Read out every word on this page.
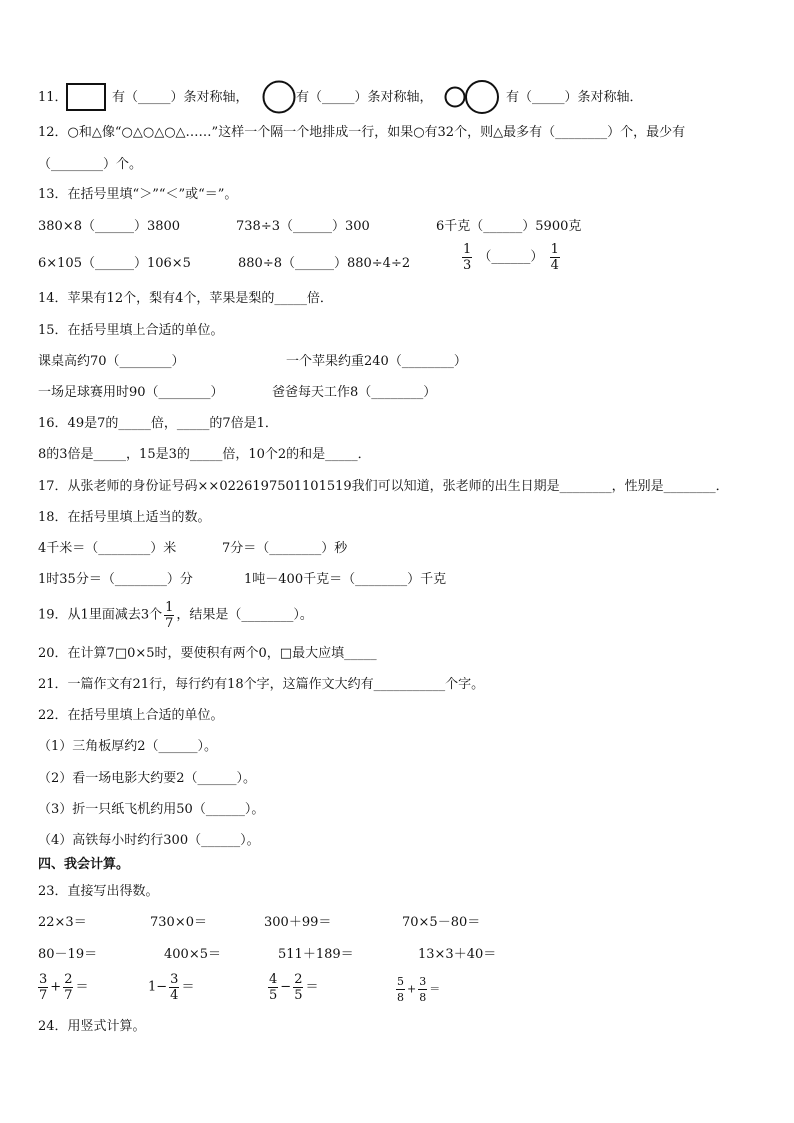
11．	有（_____）条对称轴，	有（_____）条对称轴，	有（_____）条对称轴．
12．○和△像“○△○△○△……”这样一个隔一个地排成一行，如果○有32个，则△最多有（________）个，最少有
（________）个。
13．在括号里填“＞”“＜”或“＝”。
380×8（______）3800	738÷3（______）300	6千克（______）5900克
6×105（______）106×5	880÷8（______）880÷4÷2	$\frac{1}{3}$ （______） $\frac{1}{4}$
14．苹果有12个，梨有4个，苹果是梨的_____倍．
15．在括号里填上合适的单位。
课桌高约70（________）	一个苹果约重240（________）
一场足球赛用时90（________）	爸爸每天工作8（________）
16．49是7的_____倍，_____的7倍是1．
8的3倍是_____，15是3的_____倍，10个2的和是_____．
17．从张老师的身份证号码××0226197501101519我们可以知道，张老师的出生日期是________，性别是________．
18．在括号里填上适当的数。
4千米＝（________）米	7分＝（________）秒
1时35分＝（________）分	1吨－400千克＝（________）千克
19．从1里面减去3个 $\frac{1}{7}$ ，结果是（________）。
20．在计算7□0×5时，要使积有两个0，□最大应填_____
21．一篇作文有21行，每行约有18个字，这篇作文大约有___________个字。
22．在括号里填上合适的单位。
（1）三角板厚约2（______）。
（2）看一场电影大约要2（______）。
（3）折一只纸飞机约用50（______）。
（4）高铁每小时约行300（______）。
四、我会计算。
23．直接写出得数。
22×3＝	730×0＝	300＋99＝	70×5－80＝
80－19＝	400×5＝	511＋189＝	13×3＋40＝
$\frac{3}{7} + \frac{2}{7}$ ＝	$1- \frac{3}{4}$ ＝	$\frac{4}{5} - \frac{2}{5}$ ＝	$\frac{5}{8} + \frac{3}{8}$ ＝
24．用竖式计算。
